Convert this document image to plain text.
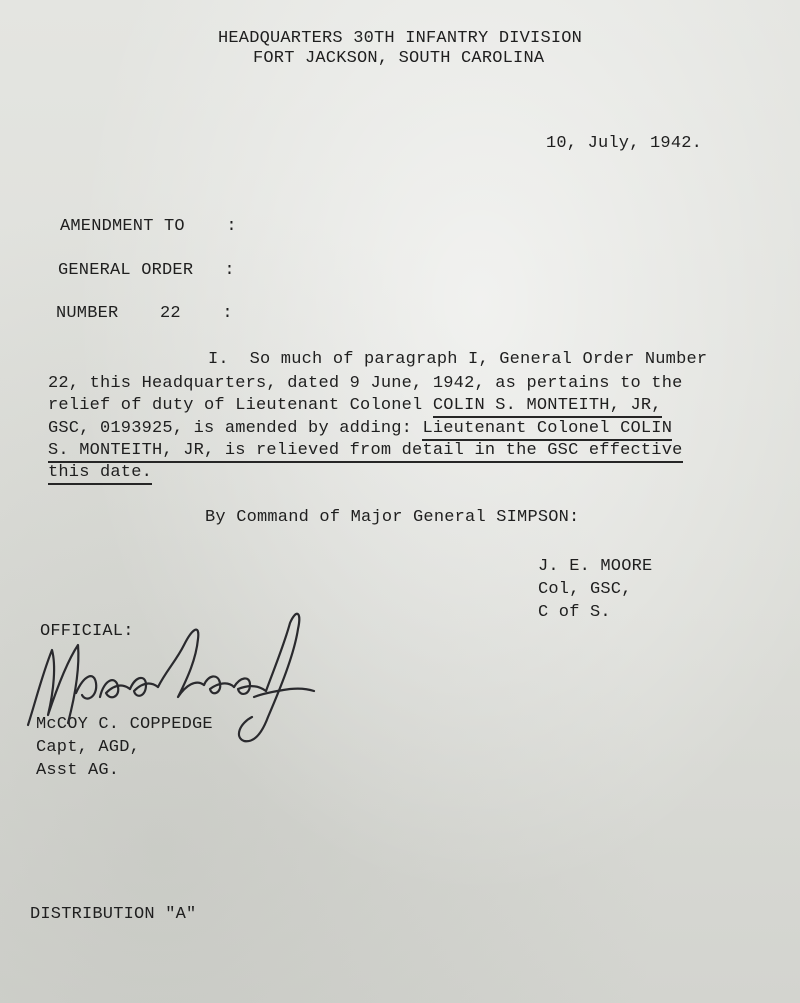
HEADQUARTERS 30TH INFANTRY DIVISION
FORT JACKSON, SOUTH CAROLINA
10, July, 1942.
AMENDMENT TO    :
GENERAL ORDER   :
NUMBER    22    :
I.  So much of paragraph I, General Order Number
22, this Headquarters, dated 9 June, 1942, as pertains to the
relief of duty of Lieutenant Colonel COLIN S. MONTEITH, JR,
GSC, 0193925, is amended by adding: Lieutenant Colonel COLIN
S. MONTEITH, JR, is relieved from detail in the GSC effective
this date.
By Command of Major General SIMPSON:
J. E. MOORE
Col, GSC,
C of S.
OFFICIAL:
McCOY C. COPPEDGE
Capt, AGD,
Asst AG.
DISTRIBUTION "A"
